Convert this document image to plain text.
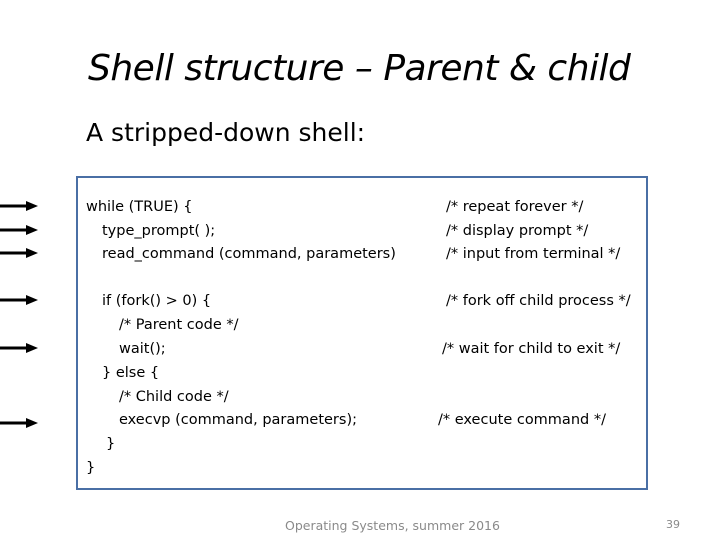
Shell structure – Parent & child
A stripped-down shell:
while (TRUE) {
type_prompt( );
read_command (command, parameters)
if (fork() > 0) {
/* Parent code */
wait();
} else {
/* Child code */
execvp (command, parameters);
}
}
/* repeat forever */
/* display prompt */
/* input from terminal */
/* fork off child process */
/* wait for child to exit */
/* execute command */
Operating Systems, summer 2016	39
